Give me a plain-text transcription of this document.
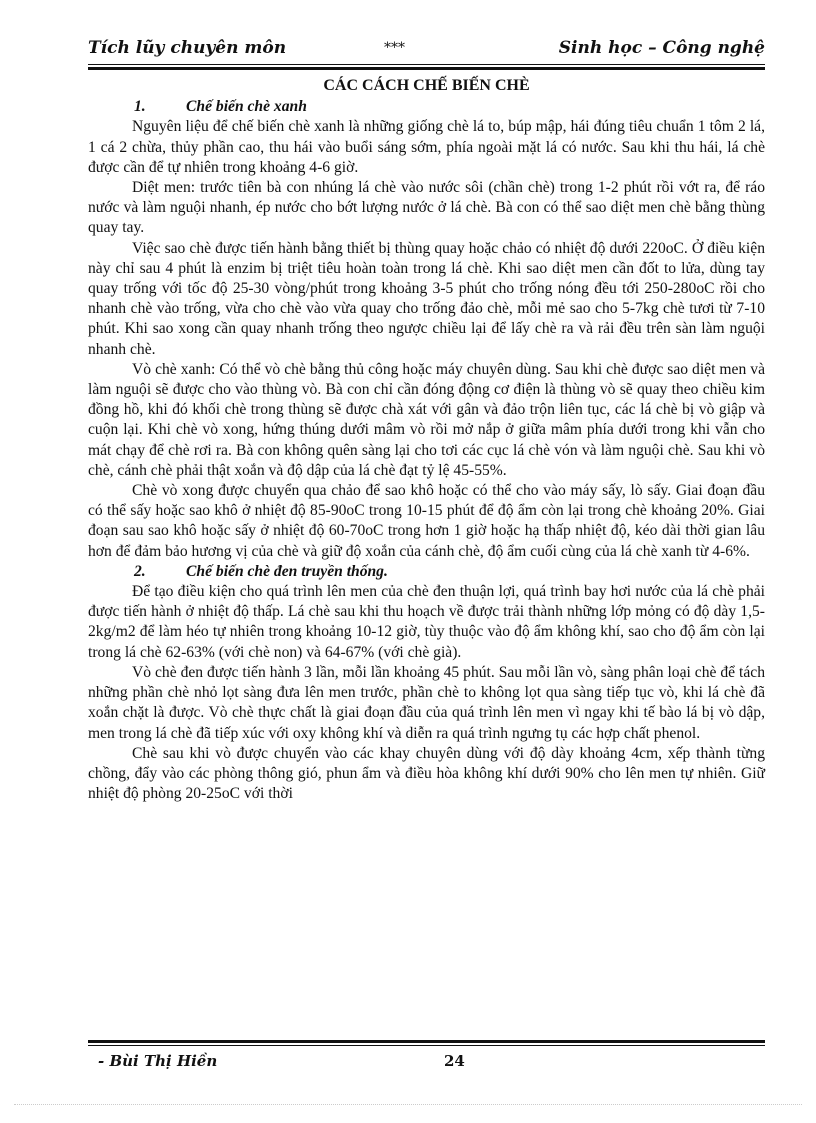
Tích lũy chuyên môn	***	Sinh học – Công nghệ
CÁC CÁCH CHẾ BIẾN CHÈ
1.	Chế biến chè xanh

Nguyên liệu để chế biến chè xanh là những giống chè lá to, búp mập, hái đúng tiêu chuẩn 1 tôm 2 lá, 1 cá 2 chừa, thủy phần cao, thu hái vào buổi sáng sớm, phía ngoài mặt lá có nước. Sau khi thu hái, lá chè được cần để tự nhiên trong khoảng 4-6 giờ.

Diệt men: trước tiên bà con nhúng lá chè vào nước sôi (chần chè) trong 1-2 phút rồi vớt ra, để ráo nước và làm nguội nhanh, ép nước cho bớt lượng nước ở lá chè. Bà con có thể sao diệt men chè bằng thùng quay tay.

Việc sao chè được tiến hành bằng thiết bị thùng quay hoặc chảo có nhiệt độ dưới 220oC. Ở điều kiện này chỉ sau 4 phút là enzim bị triệt tiêu hoàn toàn trong lá chè. Khi sao diệt men cần đốt to lửa, dùng tay quay trống với tốc độ 25-30 vòng/phút trong khoảng 3-5 phút cho trống nóng đều tới 250-280oC rồi cho nhanh chè vào trống, vừa cho chè vào vừa quay cho trống đảo chè, mỗi mẻ sao cho 5-7kg chè tươi từ 7-10 phút. Khi sao xong cần quay nhanh trống theo ngược chiều lại để lấy chè ra và rải đều trên sàn làm nguội nhanh chè.

Vò chè xanh: Có thể vò chè bằng thủ công hoặc máy chuyên dùng. Sau khi chè được sao diệt men và làm nguội sẽ được cho vào thùng vò. Bà con chỉ cần đóng động cơ điện là thùng vò sẽ quay theo chiều kim đồng hồ, khi đó khối chè trong thùng sẽ được chà xát với gân và đảo trộn liên tục, các lá chè bị vò giập và cuộn lại. Khi chè vò xong, hứng thúng dưới mâm vò rồi mở nắp ở giữa mâm phía dưới trong khi vẫn cho mát chạy để chè rơi ra. Bà con không quên sàng lại cho tơi các cục lá chè vón và làm nguội chè. Sau khi vò chè, cánh chè phải thật xoắn và độ dập của lá chè đạt tỷ lệ 45-55%.

Chè vò xong được chuyển qua chảo để sao khô hoặc có thể cho vào máy sấy, lò sấy. Giai đoạn đầu có thể sấy hoặc sao khô ở nhiệt độ 85-90oC trong 10-15 phút để độ ẩm còn lại trong chè khoảng 20%. Giai đoạn sau sao khô hoặc sấy ở nhiệt độ 60-70oC trong hơn 1 giờ hoặc hạ thấp nhiệt độ, kéo dài thời gian lâu hơn để đảm bảo hương vị của chè và giữ độ xoắn của cánh chè, độ ẩm cuối cùng của lá chè xanh từ 4-6%.

2.	Chế biến chè đen truyền thống.

Để tạo điều kiện cho quá trình lên men của chè đen thuận lợi, quá trình bay hơi nước của lá chè phải được tiến hành ở nhiệt độ thấp. Lá chè sau khi thu hoạch về được trải thành những lớp mỏng có độ dày 1,5-2kg/m2 để làm héo tự nhiên trong khoảng 10-12 giờ, tùy thuộc vào độ ẩm không khí, sao cho độ ẩm còn lại trong lá chè 62-63% (với chè non) và 64-67% (với chè già).

Vò chè đen được tiến hành 3 lần, mỗi lần khoảng 45 phút. Sau mỗi lần vò, sàng phân loại chè để tách những phần chè nhỏ lọt sàng đưa lên men trước, phần chè to không lọt qua sàng tiếp tục vò, khi lá chè đã xoắn chặt là được. Vò chè thực chất là giai đoạn đầu của quá trình lên men vì ngay khi tế bào lá bị vò dập, men trong lá chè đã tiếp xúc với oxy không khí và diễn ra quá trình ngưng tụ các hợp chất phenol.

Chè sau khi vò được chuyển vào các khay chuyên dùng với độ dày khoảng 4cm, xếp thành từng chồng, đẩy vào các phòng thông gió, phun ẩm và điều hòa không khí dưới 90% cho lên men tự nhiên. Giữ nhiệt độ phòng 20-25oC với thời

- Bùi Thị Hiền	24
